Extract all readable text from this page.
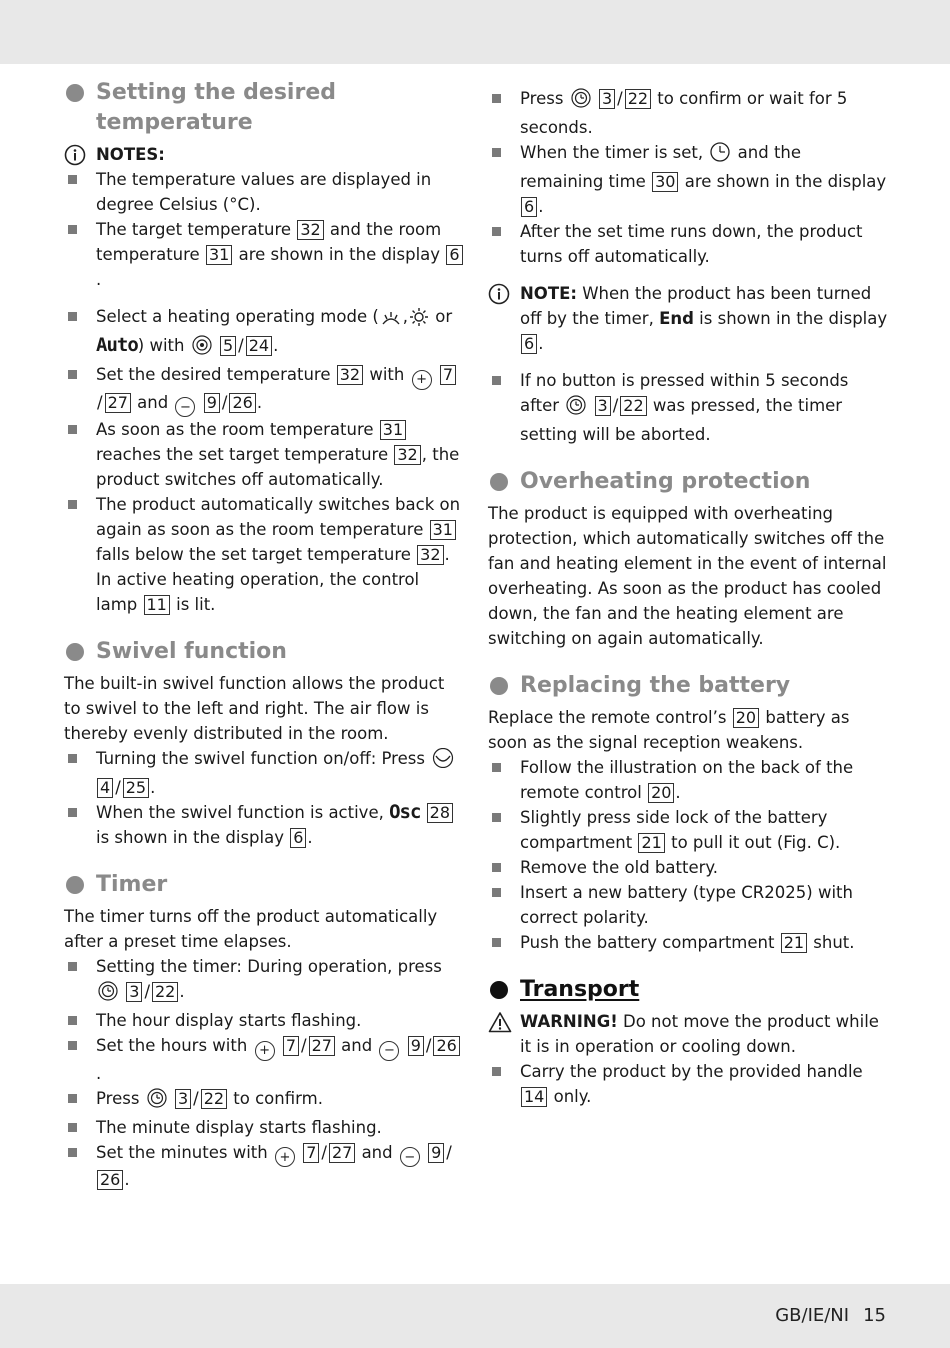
Setting the desired temperature
NOTES:
The temperature values are displayed in degree Celsius (°C).
The target temperature 32 and the room temperature 31 are shown in the display 6.
Select a heating operating mode ( , or Auto) with 5 / 24 .
Set the desired temperature 32 with + 7/ 27 and − 9 / 26 .
As soon as the room temperature 31 reaches the set target temperature 32 , the product switches off automatically.
The product automatically switches back on again as soon as the room temperature 31 falls below the set target temperature 32 . In active heating operation, the control lamp 11 is lit.
Swivel function

The built-in swivel function allows the product to swivel to the left and right. The air flow is thereby evenly distributed in the room.

Turning the swivel function on/off: Press  4 / 25 .
When the swivel function is active, Osc 28 is shown in the display 6 .
Timer

The timer turns off the product automatically after a preset time elapses.

Setting the timer: During operation, press  3 / 22 .
The hour display starts flashing.
Set the hours with + 7 / 27 and − 9 / 26.
Press 3 / 22 to confirm.
The minute display starts flashing.
Set the minutes with + 7 / 27 and − 9 /26 .
Press 3 / 22 to confirm or wait for 5 seconds.
When the timer is set, and the remaining time 30 are shown in the display 6 .
After the set time runs down, the product turns off automatically.
NOTE: When the product has been turned off by the timer, End is shown in the display 6 .
If no button is pressed within 5 seconds after 3 / 22 was pressed, the timer setting will be aborted.
Overheating protection

The product is equipped with overheating protection, which automatically switches off the fan and heating element in the event of internal overheating. As soon as the product has cooled down, the fan and the heating element are switching on again automatically.

Replacing the battery

Replace the remote control’s 20 battery as soon as the signal reception weakens.

Follow the illustration on the back of the remote control 20 .
Slightly press side lock of the battery compartment 21 to pull it out (Fig. C).
Remove the old battery.
Insert a new battery (type CR2025) with correct polarity.
Push the battery compartment 21 shut.
Transport
WARNING! Do not move the product while it is in operation or cooling down.
Carry the product by the provided handle 14 only.
GB/IE/NI 15
